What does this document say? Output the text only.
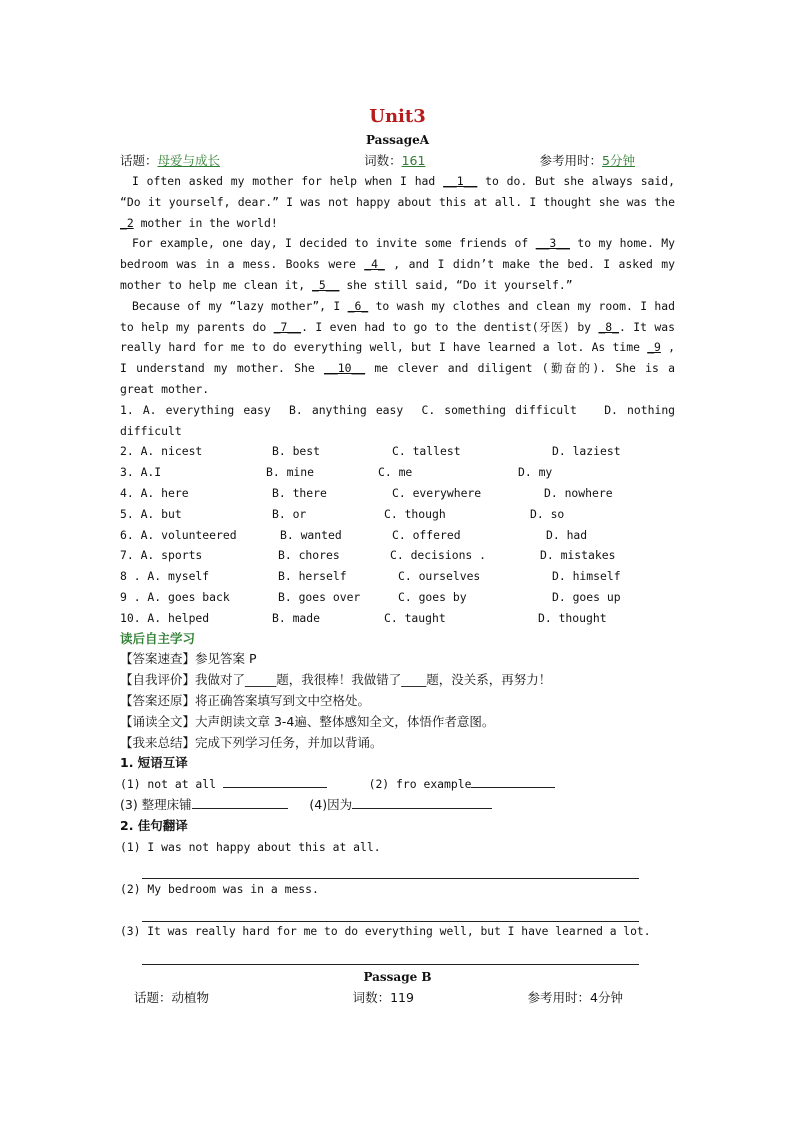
Unit3
PassageA
话题：母爱与成长	词数：161	参考用时：5分钟
I often asked my mother for help when I had __1__ to do. But she always said, “Do it yourself, dear.” I was not happy about this at all. I thought she was the _2 mother in the world!
For example, one day, I decided to invite some friends of __3__ to my home. My bedroom was in a mess. Books were _4_ , and I didn’t make the bed. I asked my mother to help me clean it, _5__ she still said, “Do it yourself.”
Because of my “lazy mother”, I _6_ to wash my clothes and clean my room. I had to help my parents do _7__. I even had to go to the dentist(牙医) by _8_. It was really hard for me to do everything well, but I have learned a lot. As time _9 , I understand my mother. She __10__ me clever and diligent (勤奋的). She is a great mother.
1. A. everything easy B. anything easy C. something difficult D. nothing difficult
2. A. nicest	B. best	C. tallest	D. laziest
3. A.I	B. mine	C. me	D. my
4. A. here	B. there	C. everywhere	D. nowhere
5. A. but	B. or	C. though	D. so
6. A. volunteered	B. wanted	C. offered	D. had
7. A. sports	B. chores	C. decisions .	D. mistakes
8 . A. myself	B. herself	C. ourselves	D. himself
9 . A. goes back	B. goes over	C. goes by	D. goes up
10. A. helped	B. made	C. taught	D. thought
读后自主学习
【答案速查】参见答案 P
【自我评价】我做对了_____题，我很棒！我做错了____题，没关系，再努力！
【答案还原】将正确答案填写到文中空格处。
【诵读全文】大声朗读文章 3-4遍、整体感知全文，体悟作者意图。
【我来总结】完成下列学习任务，并加以背诵。
1. 短语互译
(1) not at all	(2) fro example
(3) 整理床铺	(4)因为
2. 佳句翻译
(1) I was not happy about this at all.
(2) My bedroom was in a mess.
(3) It was really hard for me to do everything well, but I have learned a lot.
Passage B
话题：动植物	词数：119	参考用时：4分钟
